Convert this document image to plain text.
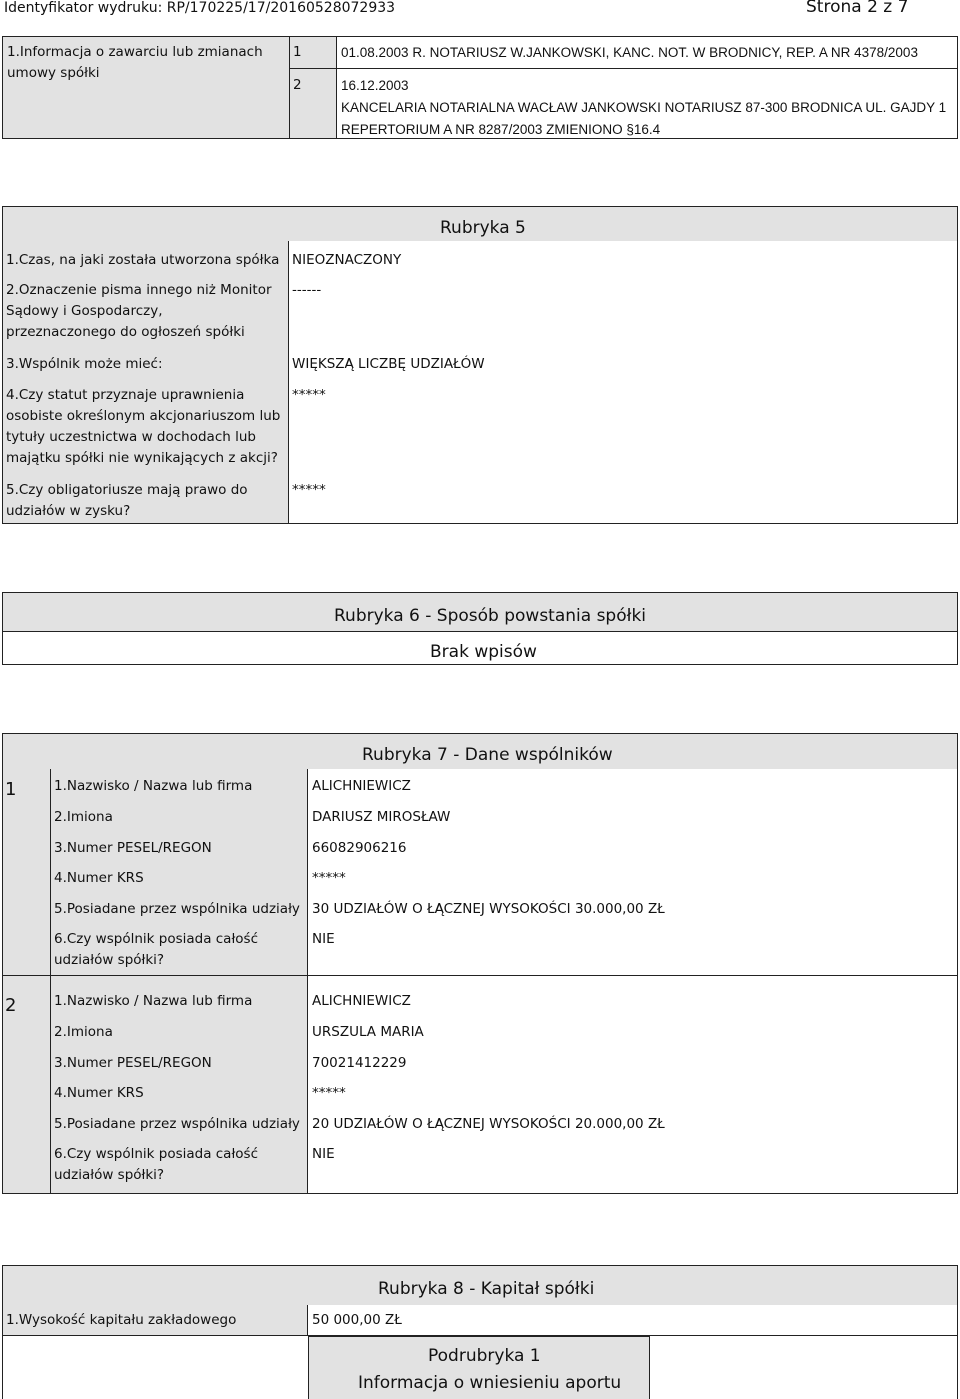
Identyfikator wydruku: RP/170225/17/20160528072933	Strona 2 z 7
1.Informacja o zawarciu lub zmianach umowy spółki
1	01.08.2003 R. NOTARIUSZ W.JANKOWSKI, KANC. NOT. W BRODNICY, REP. A NR 4378/2003
2	16.12.2003
KANCELARIA NOTARIALNA WACŁAW JANKOWSKI NOTARIUSZ 87-300 BRODNICA UL. GAJDY 1
REPERTORIUM A NR 8287/2003 ZMIENIONO §16.4
Rubryka 5
1.Czas, na jaki została utworzona spółka NIEOZNACZONY
2.Oznaczenie pisma innego niż Monitor Sądowy i Gospodarczy, przeznaczonego do ogłoszeń spółki
------
3.Wspólnik może mieć:	WIĘKSZĄ LICZBĘ UDZIAŁÓW
4.Czy statut przyznaje uprawnienia osobiste określonym akcjonariuszom lub tytuły uczestnictwa w dochodach lub majątku spółki nie wynikających z akcji?
*****
5.Czy obligatoriusze mają prawo do udziałów w zysku?
*****
Rubryka 6 - Sposób powstania spółki
Brak wpisów
Rubryka 7 - Dane wspólników
1	1.Nazwisko / Nazwa lub firma	ALICHNIEWICZ
2.Imiona	DARIUSZ MIROSŁAW
3.Numer PESEL/REGON	66082906216
4.Numer KRS	*****
5.Posiadane przez wspólnika udziały 30 UDZIAŁÓW O ŁĄCZNEJ WYSOKOŚCI 30.000,00 ZŁ
6.Czy wspólnik posiada całość udziałów spółki?
NIE
2	1.Nazwisko / Nazwa lub firma	ALICHNIEWICZ
2.Imiona	URSZULA MARIA
3.Numer PESEL/REGON	70021412229
4.Numer KRS	*****
5.Posiadane przez wspólnika udziały 20 UDZIAŁÓW O ŁĄCZNEJ WYSOKOŚCI 20.000,00 ZŁ
6.Czy wspólnik posiada całość udziałów spółki?
NIE
Rubryka 8 - Kapitał spółki
1.Wysokość kapitału zakładowego	50 000,00 ZŁ
Podrubryka 1
Informacja o wniesieniu aportu
